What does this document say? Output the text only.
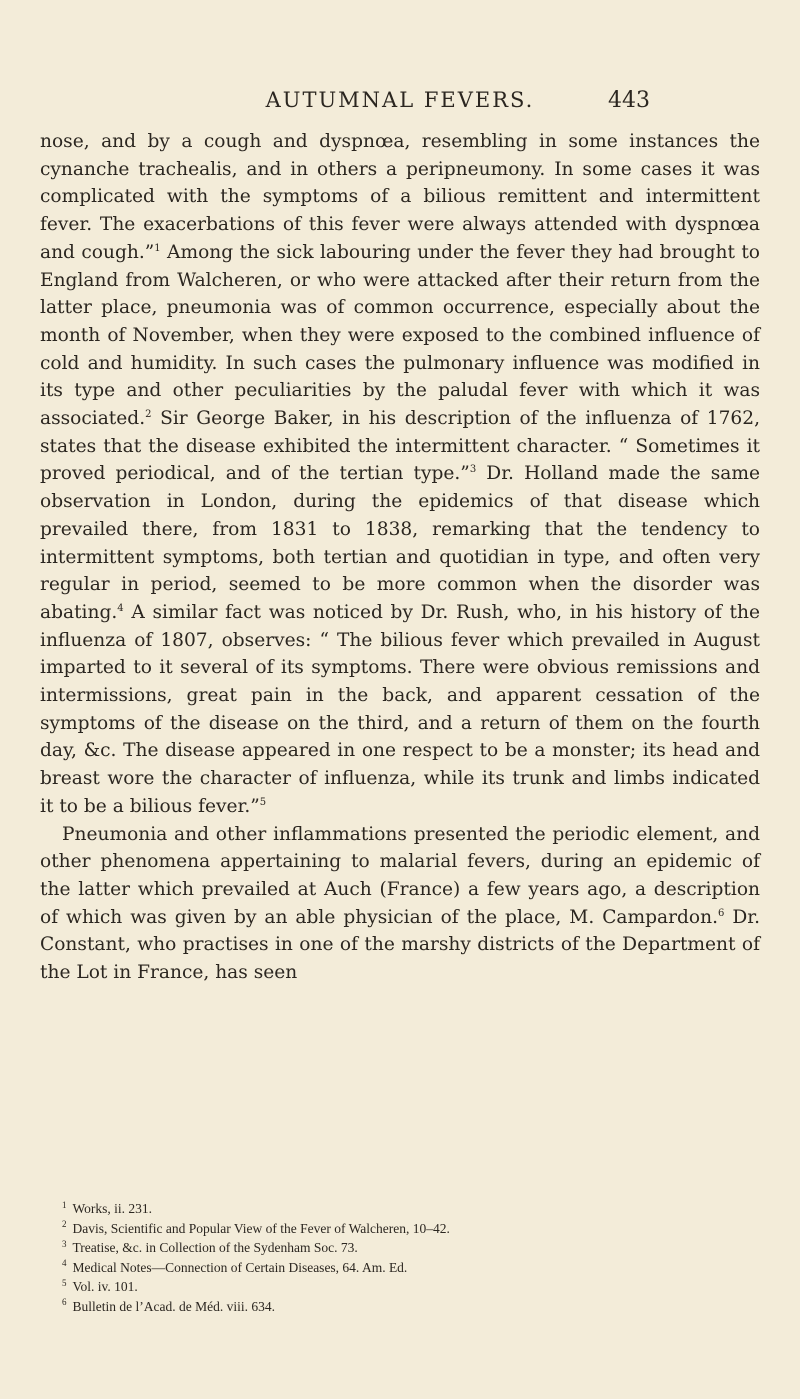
AUTUMNAL FEVERS.	443

nose, and by a cough and dyspnœa, resembling in some instances the cynanche trachealis, and in others a peripneumony. In some cases it was complicated with the symptoms of a bilious remittent and intermittent fever. The exacerbations of this fever were always attended with dyspnœa and cough.”$^1$ Among the sick labouring under the fever they had brought to England from Walcheren, or who were attacked after their return from the latter place, pneumonia was of common occurrence, especially about the month of November, when they were exposed to the combined influence of cold and humidity. In such cases the pulmonary influence was modified in its type and other peculiarities by the paludal fever with which it was associated.$^2$ Sir George Baker, in his description of the influenza of 1762, states that the disease exhibited the intermittent character. “ Sometimes it proved periodical, and of the tertian type.”$^3$ Dr. Holland made the same observation in London, during the epidemics of that disease which prevailed there, from 1831 to 1838, remarking that the tendency to intermittent symptoms, both tertian and quotidian in type, and often very regular in period, seemed to be more common when the disorder was abating.$^4$ A similar fact was noticed by Dr. Rush, who, in his history of the influenza of 1807, observes: “ The bilious fever which prevailed in August imparted to it several of its symptoms. There were obvious remissions and intermissions, great pain in the back, and apparent cessation of the symptoms of the disease on the third, and a return of them on the fourth day, &c. The disease appeared in one respect to be a monster; its head and breast wore the character of influenza, while its trunk and limbs indicated it to be a bilious fever.”$^5$

Pneumonia and other inflammations presented the periodic element, and other phenomena appertaining to malarial fevers, during an epidemic of the latter which prevailed at Auch (France) a few years ago, a description of which was given by an able physician of the place, M. Campardon.$^6$ Dr. Constant, who practises in one of the marshy districts of the Department of the Lot in France, has seen

$^1$ Works, ii. 231.
$^2$ Davis, Scientific and Popular View of the Fever of Walcheren, 10–42.
$^3$ Treatise, &c. in Collection of the Sydenham Soc. 73.
$^4$ Medical Notes—Connection of Certain Diseases, 64. Am. Ed.
$^5$ Vol. iv. 101.
$^6$ Bulletin de l’Acad. de Méd. viii. 634.
